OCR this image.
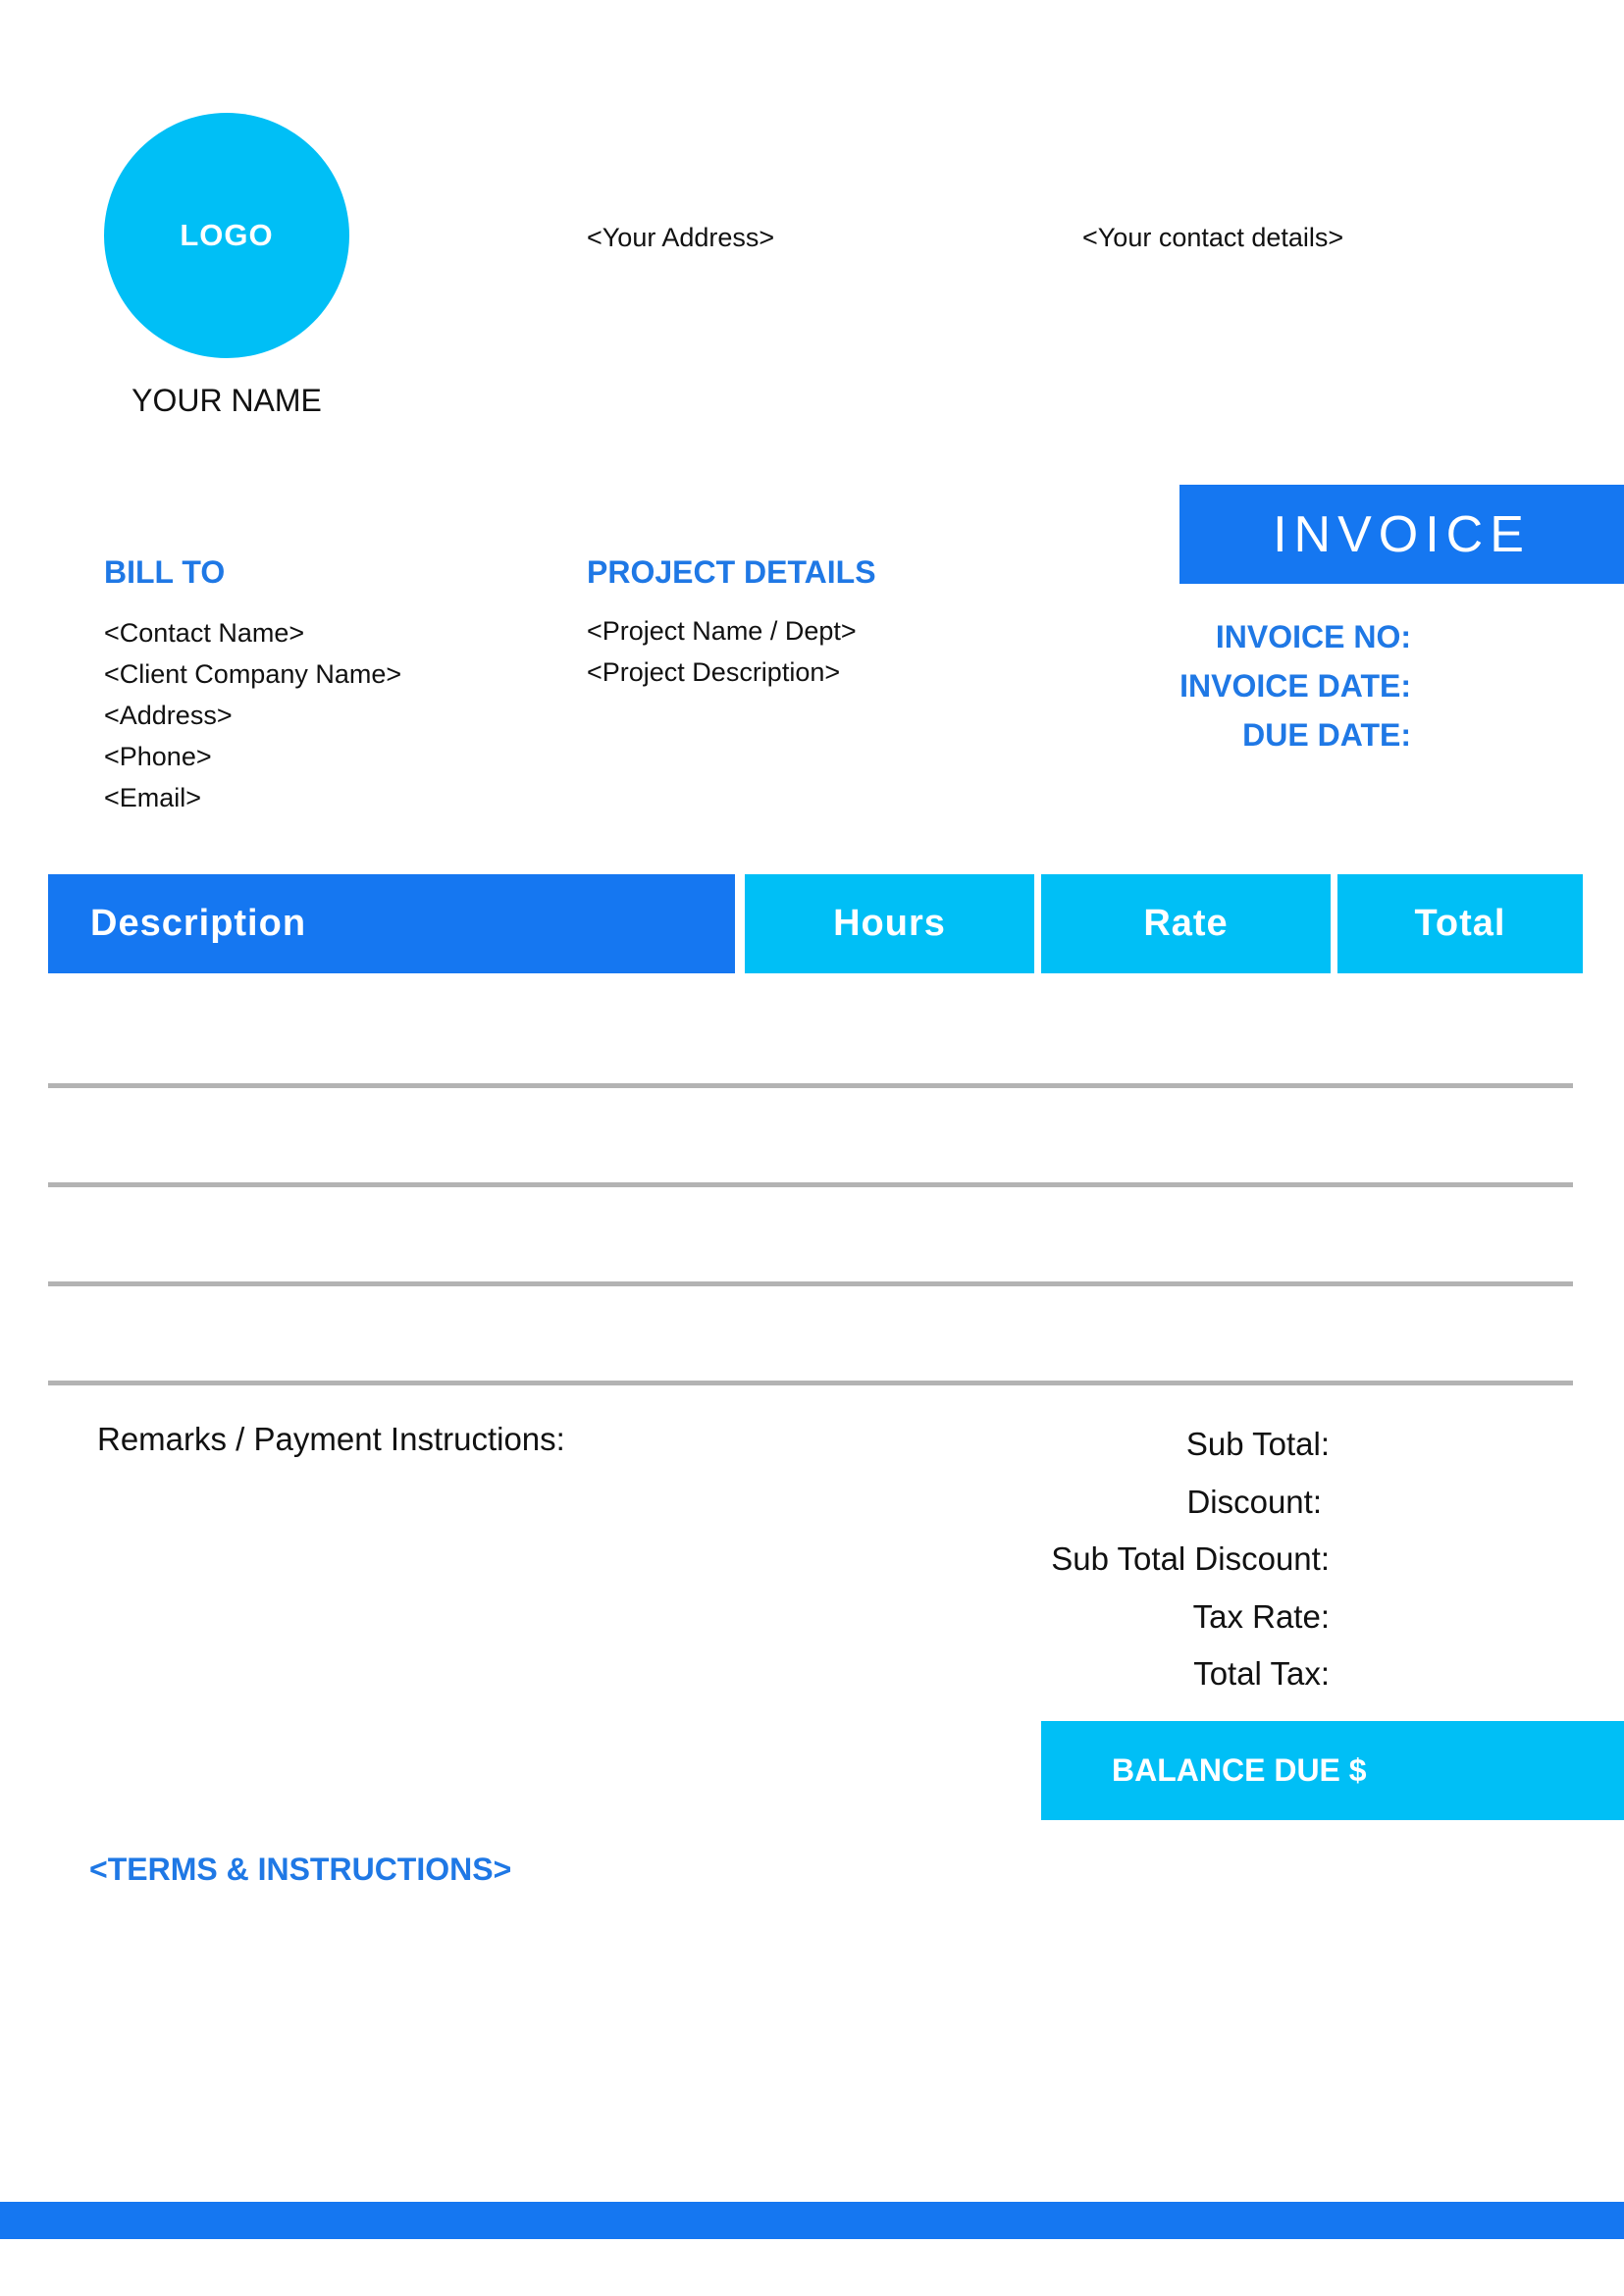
LOGO
YOUR NAME
<Your Address>	<Your contact details>
INVOICE
BILL TO
<Contact Name>
<Client Company Name>
<Address>
<Phone>
<Email>
PROJECT DETAILS
<Project Name / Dept>
<Project Description>
INVOICE NO:
INVOICE DATE:
DUE DATE:
Description	Hours	Rate	Total
Remarks / Payment Instructions:	Sub Total:
Discount:
Sub Total Discount:
Tax Rate:
Total Tax:
BALANCE DUE $
<TERMS & INSTRUCTIONS>
